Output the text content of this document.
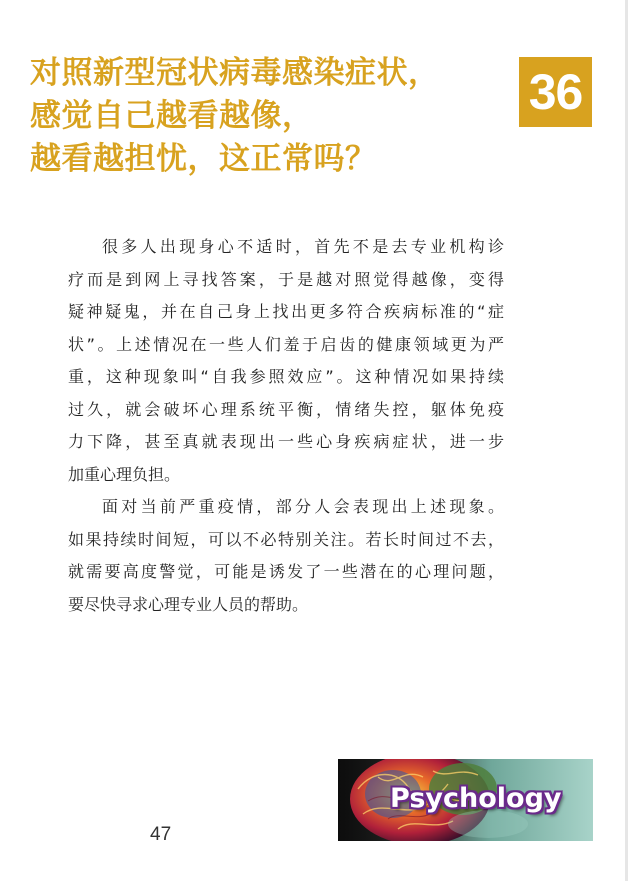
对照新型冠状病毒感染症状，
感觉自己越看越像，
越看越担忧，这正常吗？
36

很多人出现身心不适时，首先不是去专业机构诊
疗而是到网上寻找答案，于是越对照觉得越像，变得
疑神疑鬼，并在自己身上找出更多符合疾病标准的“症
状”。上述情况在一些人们羞于启齿的健康领域更为严
重，这种现象叫“自我参照效应”。这种情况如果持续
过久，就会破坏心理系统平衡，情绪失控，躯体免疫
力下降，甚至真就表现出一些心身疾病症状，进一步
加重心理负担。

面对当前严重疫情，部分人会表现出上述现象。
如果持续时间短，可以不必特别关注。若长时间过不去，
就需要高度警觉，可能是诱发了一些潜在的心理问题，
要尽快寻求心理专业人员的帮助。

47
Psychology
